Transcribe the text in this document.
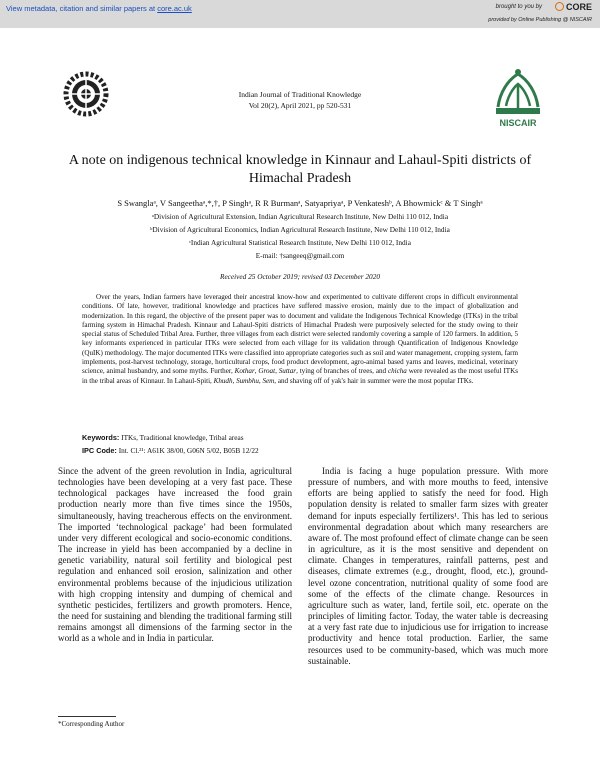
View metadata, citation and similar papers at core.ac.uk	brought to you by	CORE
provided by Online Publishing @ NISCAIR
NISCAIR
Indian Journal of Traditional Knowledge
Vol 20(2), April 2021, pp 520-531
A note on indigenous technical knowledge in Kinnaur and Lahaul-Spiti districts of Himachal Pradesh
S Swanglaᵃ, V Sangeethaᵃ,*,†, P Singhᵃ, R R Burmanᵃ, Satyapriyaᵃ, P Venkateshᵇ, A Bhowmickᶜ & T Singhᵃ
ᵃDivision of Agricultural Extension, Indian Agricultural Research Institute, New Delhi 110 012, India
ᵇDivision of Agricultural Economics, Indian Agricultural Research Institute, New Delhi 110 012, India
ᶜIndian Agricultural Statistical Research Institute, New Delhi 110 012, India
E-mail: †sangeeq@gmail.com
Received 25 October 2019; revised 03 December 2020

Over the years, Indian farmers have leveraged their ancestral know-how and experimented to cultivate different crops in difficult environmental conditions. Of late, however, traditional knowledge and practices have suffered massive erosion, mainly due to the impact of globalization and modernization. In this regard, the objective of the present paper was to document and validate the Indigenous Technical Knowledge (ITKs) in the tribal farming system in Himachal Pradesh. Kinnaur and Lahaul-Spiti districts of Himachal Pradesh were purposively selected for the study owing to their special status of Scheduled Tribal Area. Further, three villages from each district were selected randomly covering a sample of 120 farmers. In addition, 5 key informants experienced in particular ITKs were selected from each village for its validation through Quantification of Indigenous Knowledge (QuIK) methodology. The major documented ITKs were classified into appropriate categories such as soil and water management, cropping system, farm implements, post-harvest technology, storage, horticultural crops, food product development, agro-animal based yarns and leaves, medicinal, veterinary science, animal husbandry, and some myths. Further, Kothar, Groat, Suttar, tying of branches of trees, and chicha were revealed as the most useful ITKs in the tribal areas of Kinnaur. In Lahaul-Spiti, Khudh, Sumbhu, Sem, and shaving off of yak's hair in summer were the most popular ITKs.

Keywords: ITKs, Traditional knowledge, Tribal areas
IPC Code: Int. Cl.²¹: A61K 38/00, G06N 5/02, B05B 12/22

Since the advent of the green revolution in India, agricultural technologies have been developing at a very fast pace. These technological packages have increased the food grain production nearly more than five times since the 1950s, simultaneously, having treacherous effects on the environment. The imported ‘technological package’ had been formulated under very different ecological and socio-economic conditions. The increase in yield has been accompanied by a decline in genetic variability, natural soil fertility and biological pest regulation and enhanced soil erosion, salinization and other environmental problems because of the injudicious utilization with high cropping intensity and dumping of chemical and synthetic pesticides, fertilizers and growth promoters. Hence, the need for sustaining and blending the traditional farming still remains amongst all dimensions of the farming sector in the world as a whole and in India in particular.

India is facing a huge population pressure. With more pressure of numbers, and with more mouths to feed, intensive efforts are being applied to satisfy the need for food. High population density is related to smaller farm sizes with greater demand for inputs especially fertilizers¹. This has led to serious environmental degradation about which many researchers are aware of. The most profound effect of climate change can be seen in agriculture, as it is the most sensitive and dependent on climate. Changes in temperatures, rainfall patterns, pest and diseases, climate extremes (e.g., drought, flood, etc.), ground-level ozone concentration, nutritional quality of some food are some of the effects of the climate change. Resources in agriculture such as water, land, fertile soil, etc. operate on the principles of limiting factor. Today, the water table is decreasing at a very fast rate due to injudicious use for irrigation to increase productivity and hence total production. Earlier, the same resources used to be community-based, which was much more sustainable.

*Corresponding Author
